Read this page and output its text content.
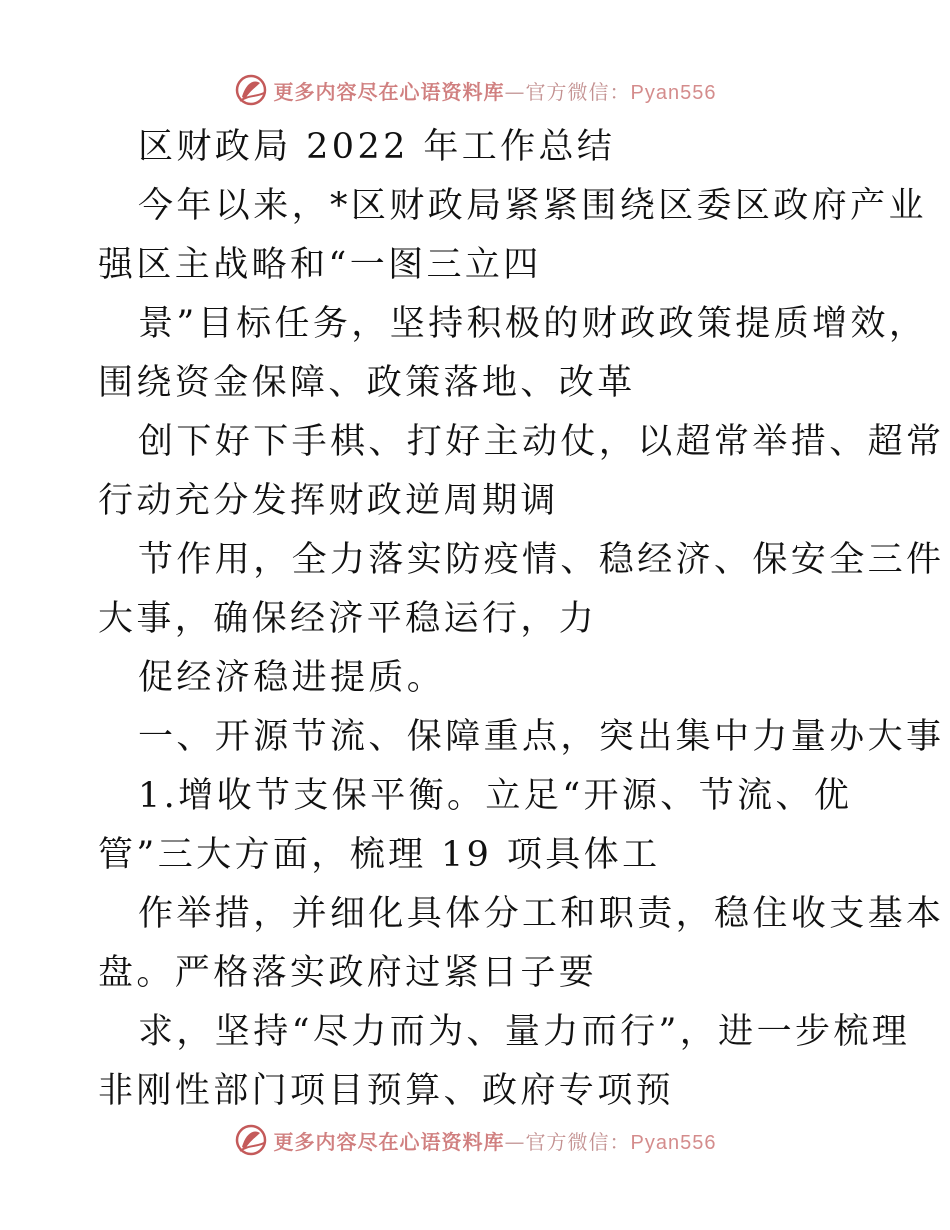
更多内容尽在心语资料库—官方微信：Pyan556
区财政局 2022 年工作总结
今年以来，*区财政局紧紧围绕区委区政府产业
强区主战略和“一图三立四
景”目标任务，坚持积极的财政政策提质增效，
围绕资金保障、政策落地、改革
创下好下手棋、打好主动仗，以超常举措、超常
行动充分发挥财政逆周期调
节作用，全力落实防疫情、稳经济、保安全三件
大事，确保经济平稳运行，力
促经济稳进提质。
一、开源节流、保障重点，突出集中力量办大事
1.增收节支保平衡。立足“开源、节流、优
管”三大方面，梳理 19 项具体工
作举措，并细化具体分工和职责，稳住收支基本
盘。严格落实政府过紧日子要
求，坚持“尽力而为、量力而行”，进一步梳理
非刚性部门项目预算、政府专项预
更多内容尽在心语资料库—官方微信：Pyan556
